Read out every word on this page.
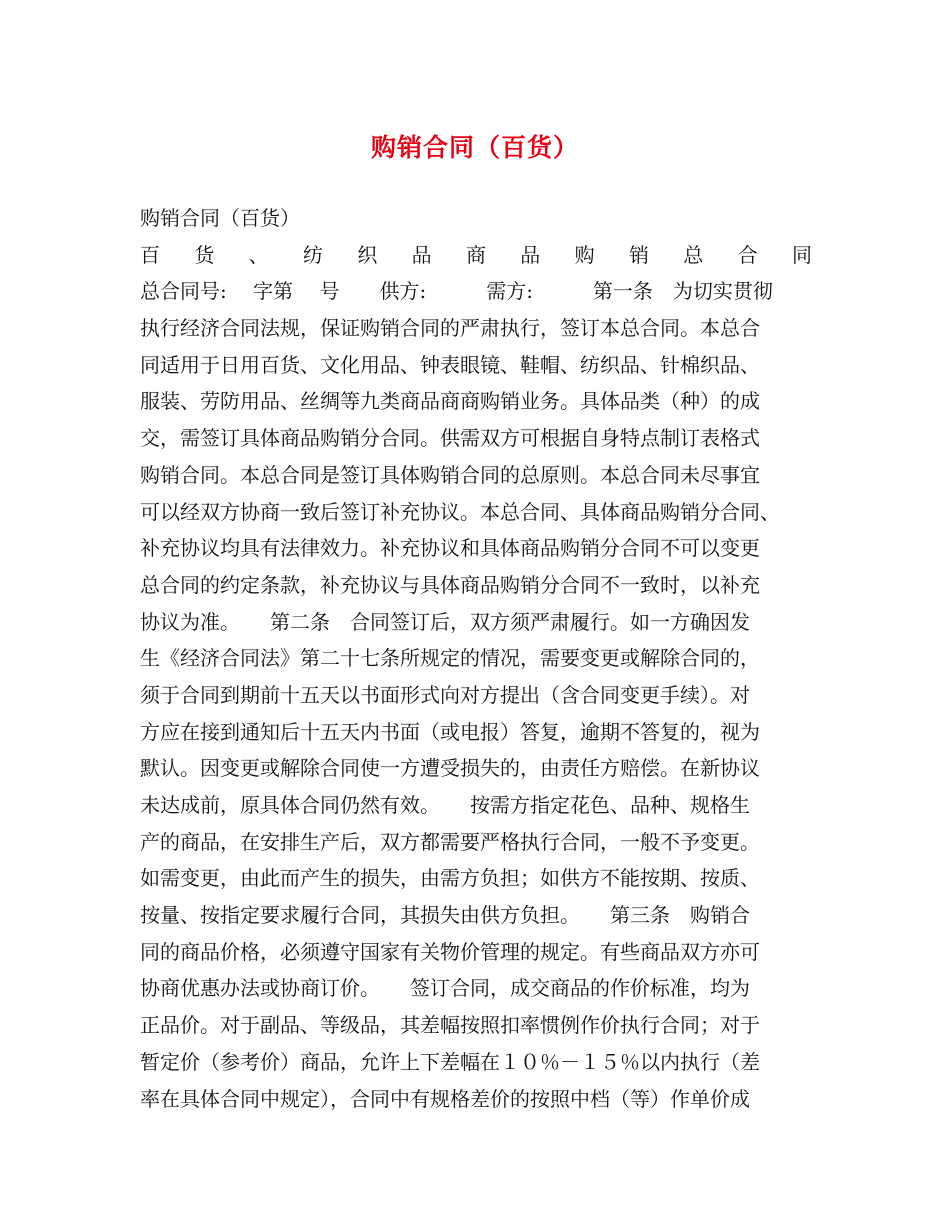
购销合同（百货）
购销合同（百货）
百 货 、 纺 织 品 商 品 购 销 总 合 同
总合同号:　 字第　 号　　供方:　　　需方:　　　第一条　为切实贯彻
执行经济合同法规，保证购销合同的严肃执行，签订本总合同。本总合
同适用于日用百货、文化用品、钟表眼镜、鞋帽、纺织品、针棉织品、
服装、劳防用品、丝绸等九类商品商商购销业务。具体品类（种）的成
交，需签订具体商品购销分合同。供需双方可根据自身特点制订表格式
购销合同。本总合同是签订具体购销合同的总原则。本总合同未尽事宜
可以经双方协商一致后签订补充协议。本总合同、具体商品购销分合同、
补充协议均具有法律效力。补充协议和具体商品购销分合同不可以变更
总合同的约定条款，补充协议与具体商品购销分合同不一致时，以补充
协议为准。　　第二条　合同签订后，双方须严肃履行。如一方确因发
生《经济合同法》第二十七条所规定的情况，需要变更或解除合同的，
须于合同到期前十五天以书面形式向对方提出（含合同变更手续）。对
方应在接到通知后十五天内书面（或电报）答复，逾期不答复的，视为
默认。因变更或解除合同使一方遭受损失的，由责任方赔偿。在新协议
未达成前，原具体合同仍然有效。　　按需方指定花色、品种、规格生
产的商品，在安排生产后，双方都需要严格执行合同，一般不予变更。
如需变更，由此而产生的损失，由需方负担；如供方不能按期、按质、
按量、按指定要求履行合同，其损失由供方负担。　　第三条　购销合
同的商品价格，必须遵守国家有关物价管理的规定。有些商品双方亦可
协商优惠办法或协商订价。　　签订合同，成交商品的作价标准，均为
正品价。对于副品、等级品，其差幅按照扣率惯例作价执行合同；对于
暂定价（参考价）商品，允许上下差幅在１０％－１５％以内执行（差
率在具体合同中规定），合同中有规格差价的按照中档（等）作单价成
